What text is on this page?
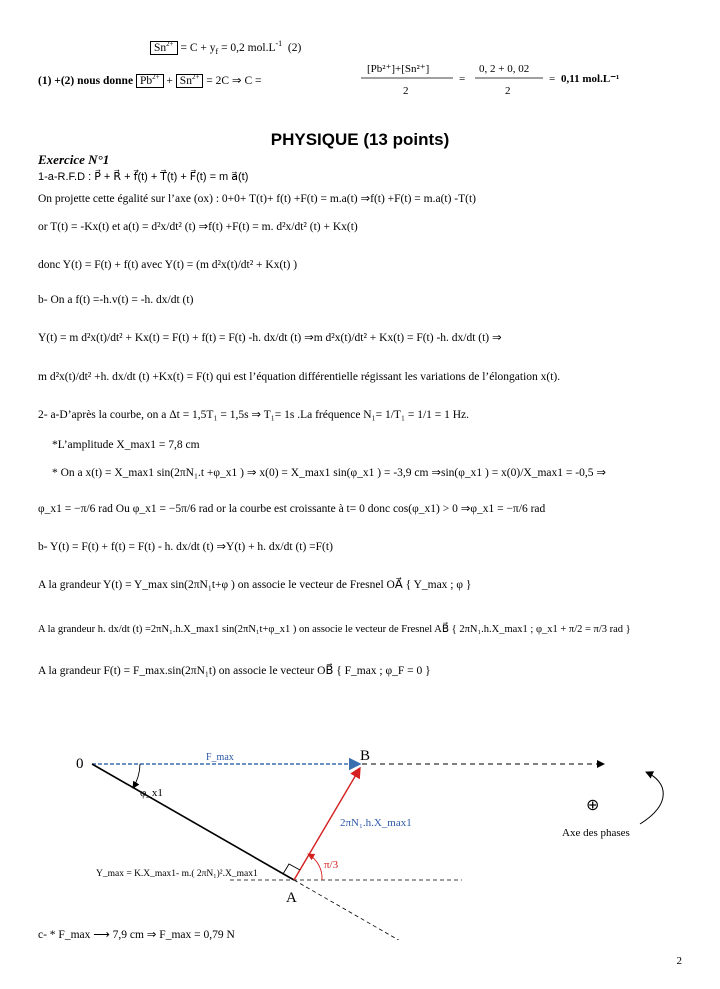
$Sn^{2+} = C + y_f = 0,2$ $mol.L^{-1}$  (2)
(1) +(2) nous donne $Pb^{2+} + Sn^{2+} = 2C$ ⇒ C =
[Pb²⁺]+[Sn²⁺]
2
=
0, 2 + 0, 02
2
= 0,11 mol.L⁻¹
PHYSIQUE (13 points)
Exercice N°1
1-a-R.F.D : P⃗ + R⃗ + f⃗(t) + T⃗(t) + F⃗(t) = m a⃗(t)
On projette cette égalité sur l’axe (ox) : 0+0+ T(t)+ f(t) +F(t) = m.a(t) ⇒f(t) +F(t) = m.a(t) -T(t)
or T(t) = -Kx(t) et a(t) = d²x/dt² (t) ⇒f(t) +F(t) = m. d²x/dt² (t) + Kx(t)
donc Y(t) = F(t) + f(t) avec Y(t) = (m d²x(t)/dt² + Kx(t) )
b- On a f(t) =-h.v(t) = -h. dx/dt (t)
Y(t) = m d²x(t)/dt² + Kx(t) = F(t) + f(t) = F(t) -h. dx/dt (t) ⇒m d²x(t)/dt² + Kx(t) = F(t) -h. dx/dt (t) ⇒
m d²x(t)/dt² +h. dx/dt (t) +Kx(t) = F(t) qui est l’équation différentielle régissant les variations de l’élongation x(t).
2- a-D’après la courbe, on a Δt = 1,5T₁ = 1,5s ⇒ T₁= 1s .La fréquence N₁= 1/T₁ = 1/1 = 1 Hz.
*L’amplitude X_max1 = 7,8 cm
* On a x(t) = X_max1 sin(2πN₁.t +φ_x1 ) ⇒ x(0) = X_max1 sin(φ_x1 ) = -3,9 cm ⇒sin(φ_x1 ) = x(0)/X_max1 = -0,5 ⇒
φ_x1 = −π/6 rad Ou φ_x1 = −5π/6 rad or la courbe est croissante à t= 0 donc cos(φ_x1) > 0 ⇒φ_x1 = −π/6 rad
b- Y(t) = F(t) + f(t) = F(t) - h. dx/dt (t) ⇒Y(t) + h. dx/dt (t) =F(t)
A la grandeur Y(t) = Y_max sin(2πN₁t+φ ) on associe le vecteur de Fresnel OA⃗ { Y_max ; φ }
A la grandeur h. dx/dt (t) =2πN₁.h.X_max1 sin(2πN₁t+φ_x1 ) on associe le vecteur de Fresnel AB⃗ { 2πN₁.h.X_max1 ; φ_x1 + π/2 = π/3 rad }
A la grandeur F(t) = F_max.sin(2πN₁t) on associe le vecteur OB⃗ { F_max ; φ_F = 0 }
0	B
A
F_max
φ_x1
2πN₁.h.X_max1
Y_max = K.X_max1- m.( 2πN₁)².X_max1
π/3
Axe des phases
⊕
c- * F_max ⟶ 7,9 cm ⇒ F_max = 0,79 N
2
